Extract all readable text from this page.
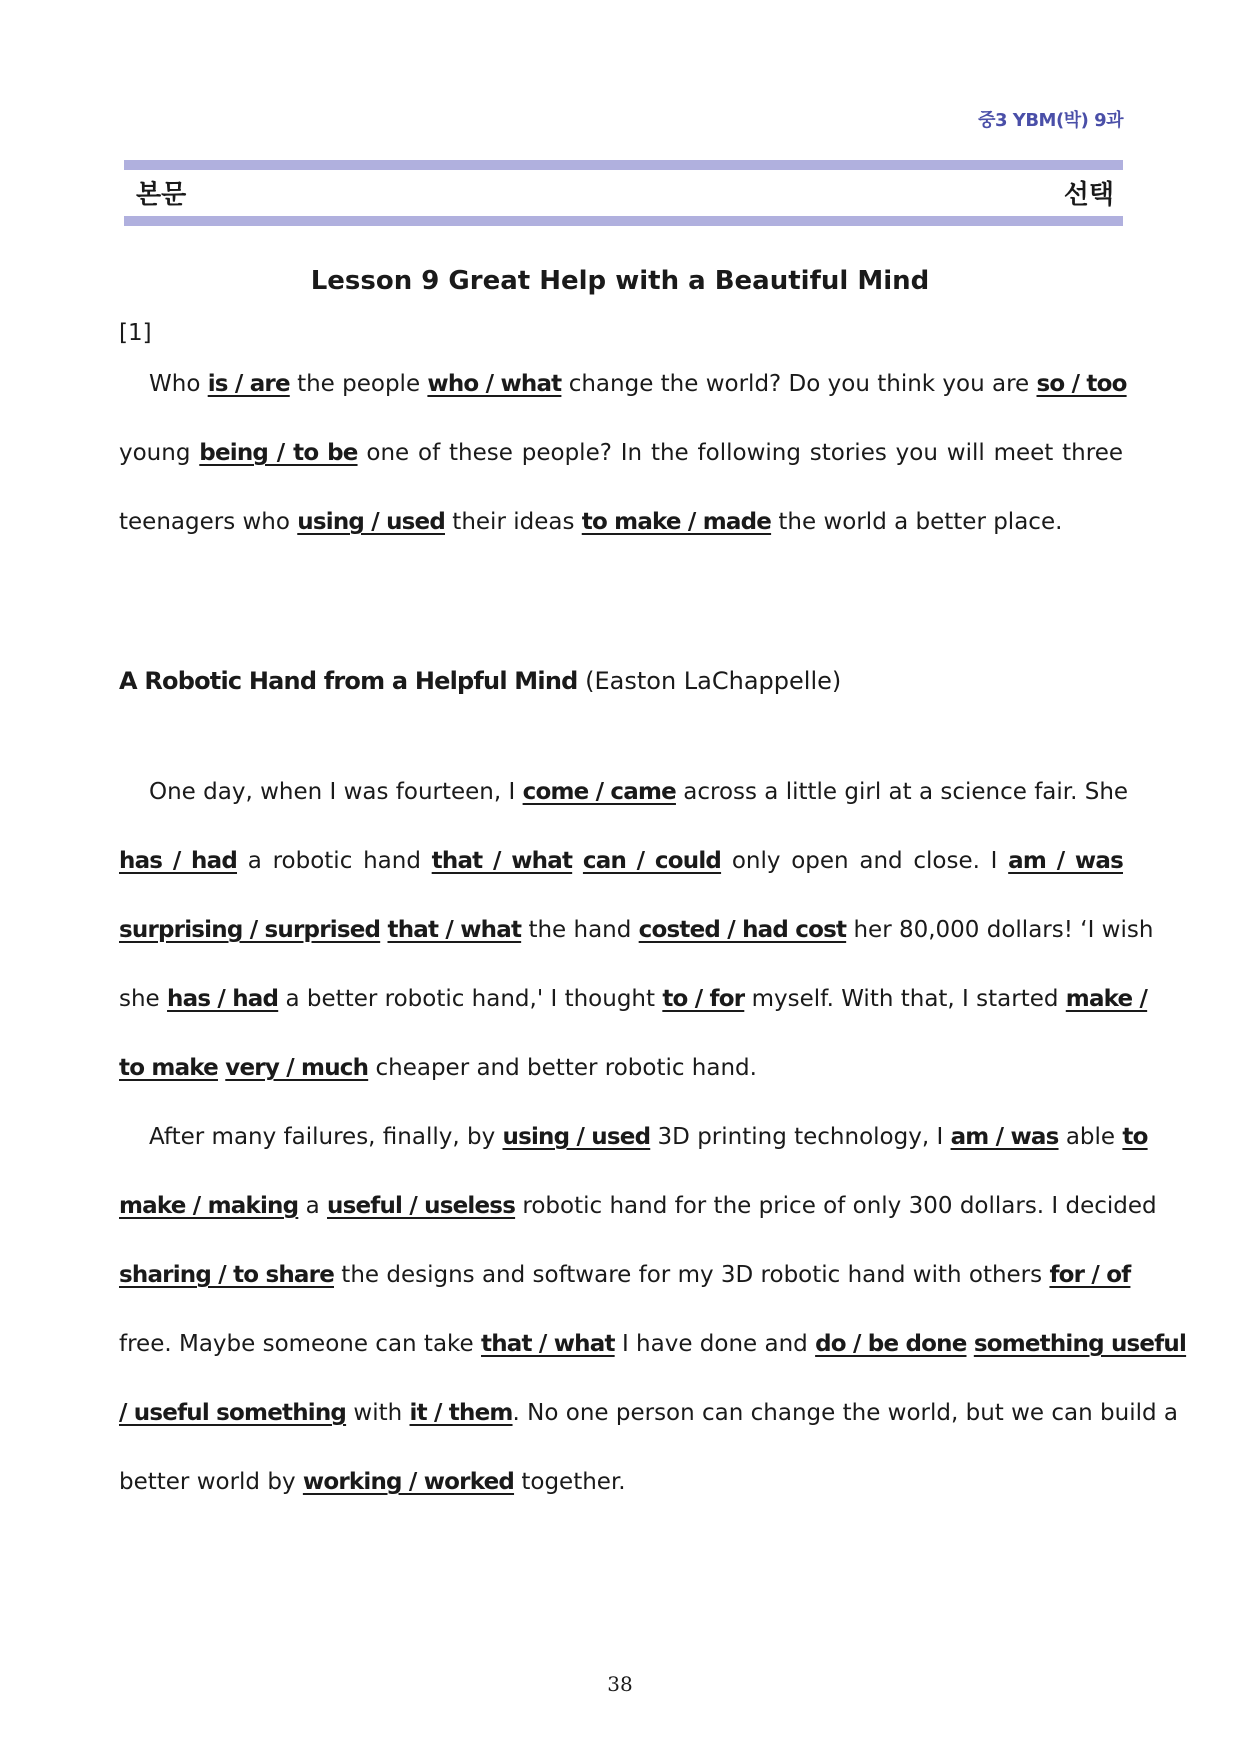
중3 YBM(박) 9과
본문	선택
Lesson 9 Great Help with a Beautiful Mind
[1]
Who is / are the people who / what change the world? Do you think you are so / too
young being / to be one of these people? In the following stories you will meet three
teenagers who using / used their ideas to make / made the world a better place.
A Robotic Hand from a Helpful Mind (Easton LaChappelle)
One day, when I was fourteen, I come / came across a little girl at a science fair. She
has / had a robotic hand that / what can / could only open and close. I am / was
surprising / surprised that / what the hand costed / had cost her 80,000 dollars! ‘I wish
she has / had a better robotic hand,' I thought to / for myself. With that, I started make /
to make very / much cheaper and better robotic hand.
After many failures, finally, by using / used 3D printing technology, I am / was able to
make / making a useful / useless robotic hand for the price of only 300 dollars. I decided
sharing / to share the designs and software for my 3D robotic hand with others for / of
free. Maybe someone can take that / what I have done and do / be done something useful
/ useful something with it / them. No one person can change the world, but we can build a
better world by working / worked together.
38
